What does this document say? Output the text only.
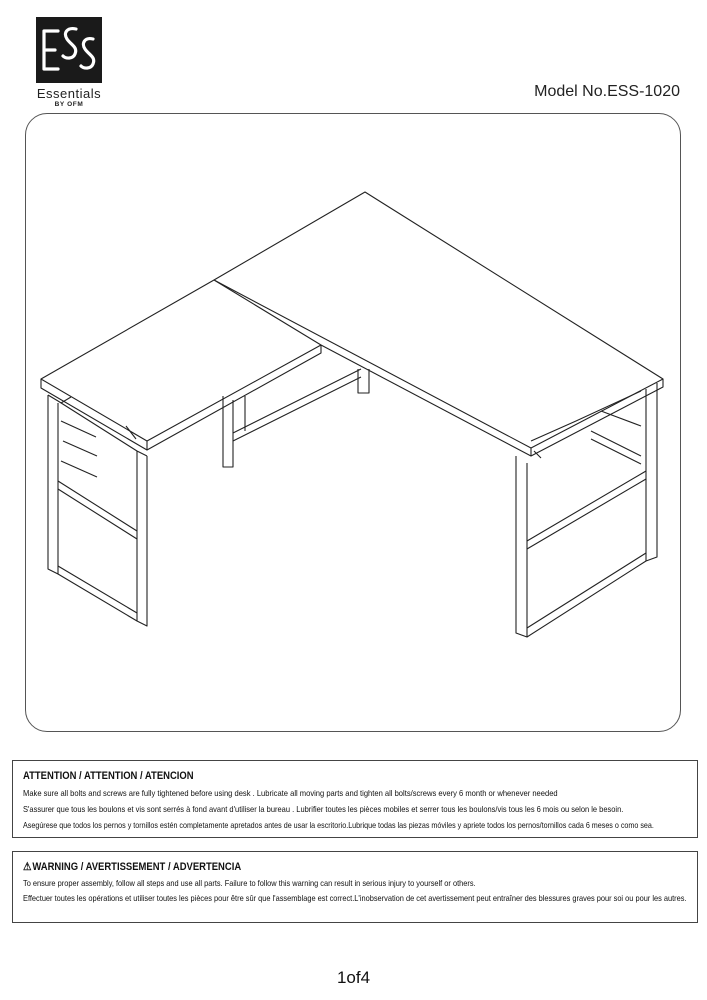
Essentials
BY OFM
Model No.ESS-1020
ATTENTION / ATTENTION / ATENCION

Make sure all bolts and screws are fully tightened before using desk . Lubricate all moving parts and tighten all bolts/screws every 6 month or whenever needed

S'assurer que tous les boulons et vis sont serrés à fond avant d'utiliser la bureau . Lubrifier toutes les pièces mobiles et serrer tous les boulons/vis tous les 6 mois ou selon le besoin.

Asegúrese que todos los pernos y tornillos estén completamente apretados antes de usar la escritorio.Lubrique todas las piezas móviles y apriete todos los pernos/tornillos cada 6 meses o como sea.

⚠WARNING / AVERTISSEMENT / ADVERTENCIA

To ensure proper assembly, follow all steps and use all parts. Failure to follow this warning can result in serious injury to yourself or others.

Effectuer toutes les opérations et utiliser toutes les pièces pour être sûr que l'assemblage est correct.L'inobservation de cet avertissement peut entraîner des blessures graves pour soi ou pour les autres.

1of4
